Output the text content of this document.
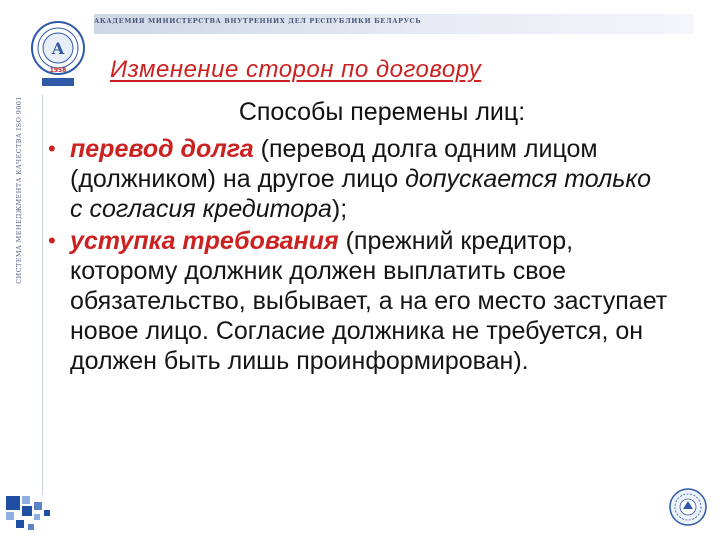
АКАДЕМИЯ МИНИСТЕРСТВА ВНУТРЕННИХ ДЕЛ РЕСПУБЛИКИ БЕЛАРУСЬ
А
1958
СИСТЕМА МЕНЕДЖМЕНТА КАЧЕСТВА ISO 9001
Изменение сторон по договору
Способы перемены лиц:
• перевод долга (перевод долга одним лицом (должником) на другое лицо допускается только с согласия кредитора);
• уступка требования (прежний кредитор, которому должник должен выплатить свое обязательство, выбывает, а на его место заступает новое лицо. Согласие должника не требуется, он должен быть лишь проинформирован).
